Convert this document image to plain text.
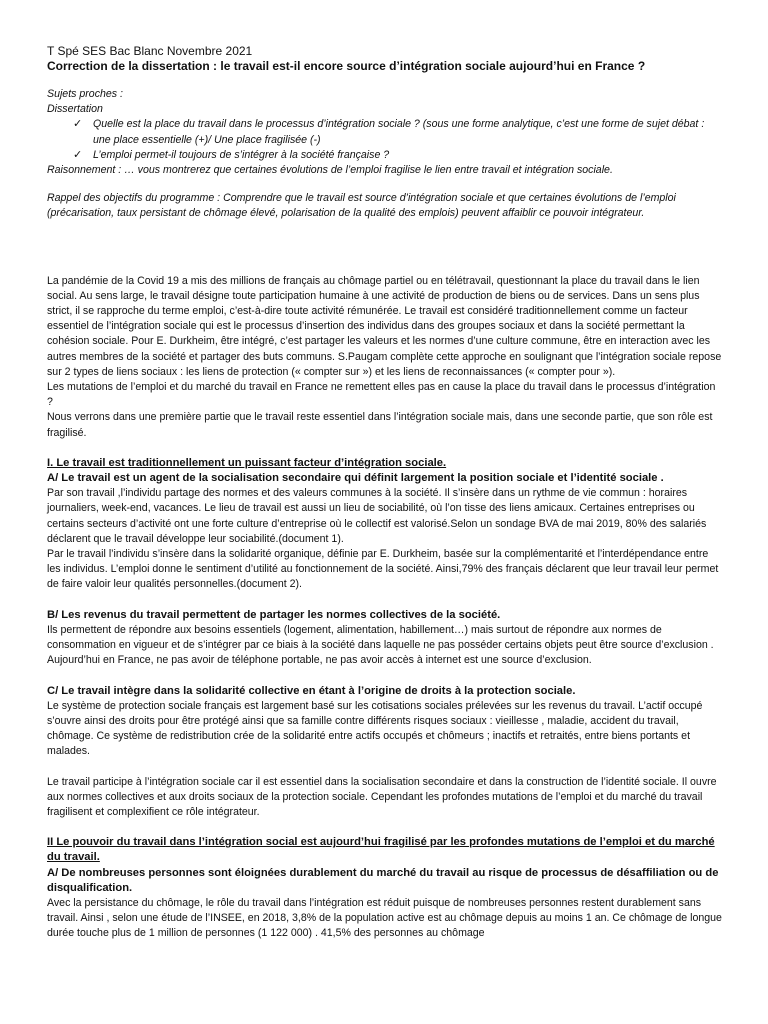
T Spé SES Bac Blanc Novembre 2021

Correction de la dissertation : le travail est-il encore source d’intégration sociale aujourd’hui en France ?

Sujets proches :

Dissertation

✓ Quelle est la place du travail dans le processus d’intégration sociale ? (sous une forme analytique, c’est une forme de sujet débat : une place essentielle (+)/ Une place fragilisée (-)
✓ L’emploi permet-il toujours de s’intégrer à la société française ?

Raisonnement : … vous montrerez que certaines évolutions de l’emploi fragilise le lien entre travail et intégration sociale.

Rappel des objectifs du programme : Comprendre que le travail est source d’intégration sociale et que certaines évolutions de l’emploi (précarisation, taux persistant de chômage élevé, polarisation de la qualité des emplois) peuvent affaiblir ce pouvoir intégrateur.

La pandémie de la Covid 19 a mis des millions de français au chômage partiel ou en télétravail, questionnant la place du travail dans le lien social. Au sens large, le travail désigne toute participation humaine à une activité de production de biens ou de services. Dans un sens plus strict, il se rapproche du terme emploi, c’est-à-dire toute activité rémunérée. Le travail est considéré traditionnellement comme un facteur essentiel de l’intégration sociale qui est le processus d’insertion des individus dans des groupes sociaux et dans la société permettant la cohésion sociale. Pour E. Durkheim, être intégré, c’est partager les valeurs et les normes d’une culture commune, être en interaction avec les autres membres de la société et partager des buts communs. S.Paugam complète cette approche en soulignant que l’intégration sociale repose sur 2 types de liens sociaux : les liens de protection (« compter sur ») et les liens de reconnaissances (« compter pour »).

Les mutations de l’emploi et du marché du travail en France ne remettent elles pas en cause la place du travail dans le processus d’intégration ?

Nous verrons dans une première partie que le travail reste essentiel dans l’intégration sociale mais, dans une seconde partie, que son rôle est fragilisé.

I. Le travail est traditionnellement un puissant facteur d’intégration sociale.

A/ Le travail est un agent de la socialisation secondaire qui définit largement la position sociale et l’identité sociale .

Par son travail ,l’individu partage des normes et des valeurs communes à la société. Il s’insère dans un rythme de vie commun : horaires journaliers, week-end, vacances. Le lieu de travail est aussi un lieu de sociabilité, où l’on tisse des liens amicaux. Certaines entreprises ou certains secteurs d’activité ont une forte culture d’entreprise où le collectif est valorisé.Selon un sondage BVA de mai 2019, 80% des salariés déclarent que le travail développe leur sociabilité.(document 1).

Par le travail l’individu s’insère dans la solidarité organique, définie par E. Durkheim, basée sur la complémentarité et l’interdépendance entre les individus. L’emploi donne le sentiment d’utilité au fonctionnement de la société. Ainsi,79% des français déclarent que leur travail leur permet de faire valoir leur qualités personnelles.(document 2).

B/ Les revenus du travail permettent de partager les normes collectives de la société.

Ils permettent de répondre aux besoins essentiels (logement, alimentation, habillement…) mais surtout de répondre aux normes de consommation en vigueur et de s’intégrer par ce biais à la société dans laquelle ne pas posséder certains objets peut être source d’exclusion . Aujourd’hui en France, ne pas avoir de téléphone portable, ne pas avoir accès à internet est une source d’exclusion.

C/ Le travail intègre dans la solidarité collective en étant à l’origine de droits à la protection sociale.

Le système de protection sociale français est largement basé sur les cotisations sociales prélevées sur les revenus du travail. L’actif occupé s’ouvre ainsi des droits pour être protégé ainsi que sa famille contre différents risques sociaux : vieillesse , maladie, accident du travail, chômage. Ce système de redistribution crée de la solidarité entre actifs occupés et chômeurs ; inactifs et retraités, entre biens portants et malades.

Le travail participe à l’intégration sociale car il est essentiel dans la socialisation secondaire et dans la construction de l’identité sociale. Il ouvre aux normes collectives et aux droits sociaux de la protection sociale. Cependant les profondes mutations de l’emploi et du marché du travail fragilisent et complexifient ce rôle intégrateur.

II Le pouvoir du travail dans l’intégration social est aujourd’hui fragilisé par les profondes mutations de l’emploi et du marché du travail.

A/ De nombreuses personnes sont éloignées durablement du marché du travail au risque de processus de désaffiliation ou de disqualification.

Avec la persistance du chômage, le rôle du travail dans l’intégration est réduit puisque de nombreuses personnes restent durablement sans travail. Ainsi , selon une étude de l’INSEE, en 2018, 3,8% de la population active est au chômage depuis au moins 1 an. Ce chômage de longue durée touche plus de 1 million de personnes (1 122 000) . 41,5% des personnes au chômage
